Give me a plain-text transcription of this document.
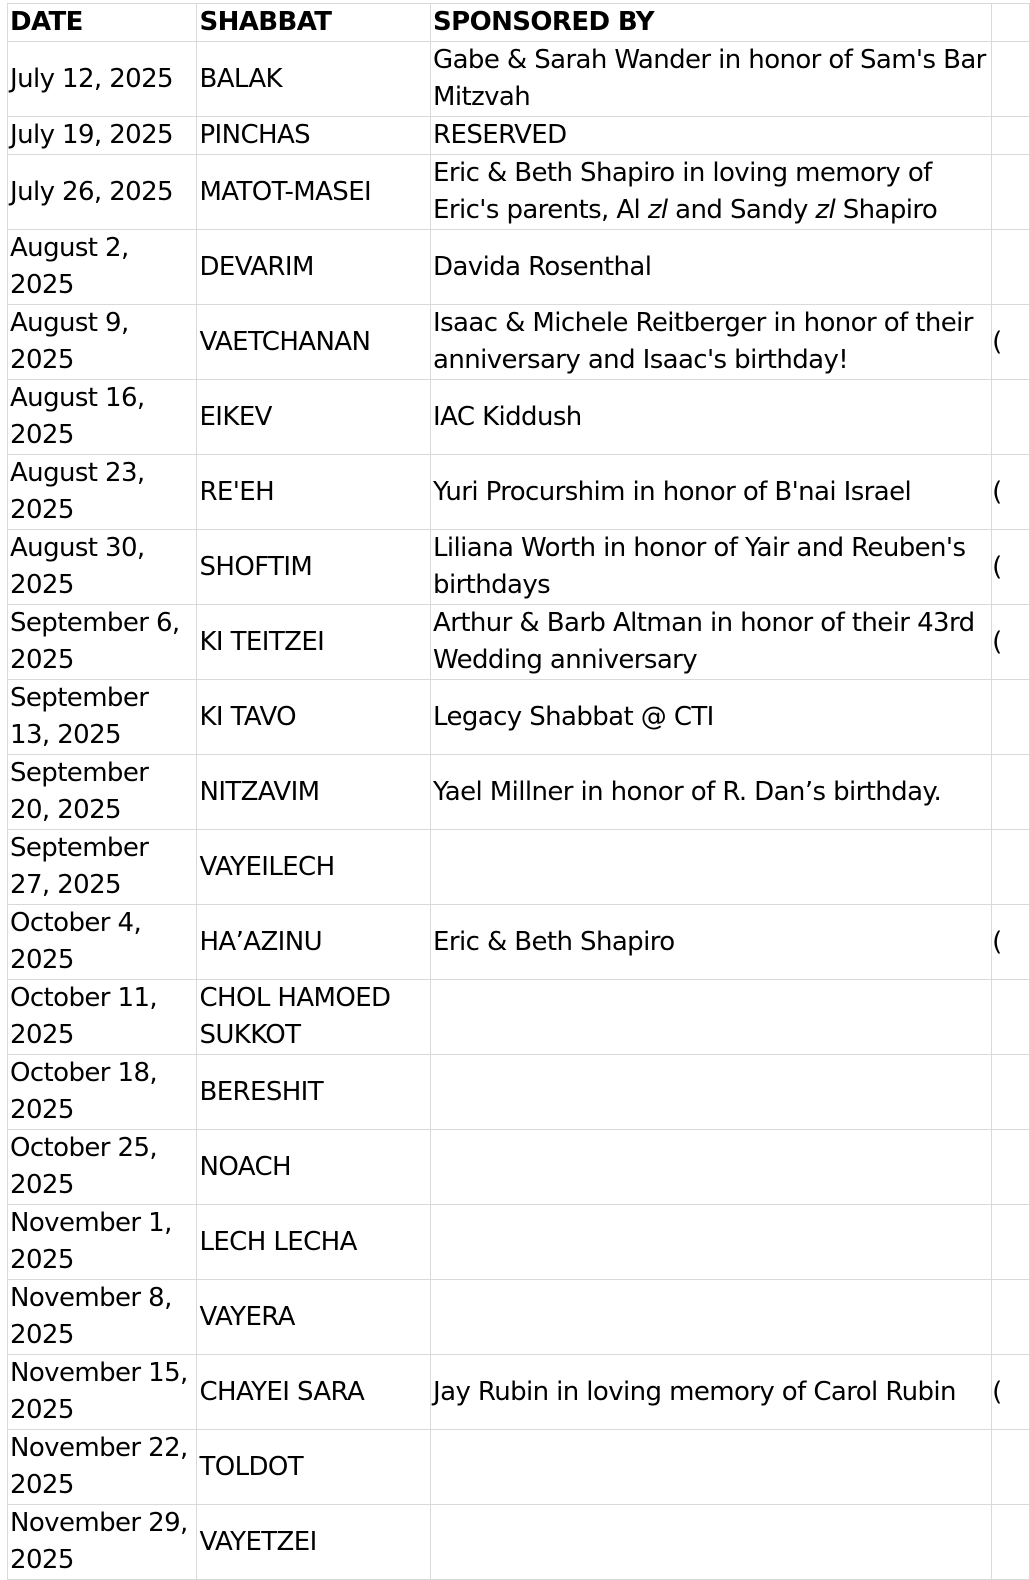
DATE	SHABBAT	SPONSORED BY	
July 12, 2025	BALAK	Gabe & Sarah Wander in honor of Sam's Bar Mitzvah	
July 19, 2025	PINCHAS	RESERVED	
July 26, 2025	MATOT-MASEI	Eric & Beth Shapiro in loving memory of Eric's parents, Al zl and Sandy zl Shapiro	
August 2, 2025	DEVARIM	Davida Rosenthal	
August 9, 2025	VAETCHANAN	Isaac & Michele Reitberger in honor of their anniversary and Isaac's birthday!	(
August 16, 2025	EIKEV	IAC Kiddush	
August 23, 2025	RE'EH	Yuri Procurshim in honor of B'nai Israel	(
August 30, 2025	SHOFTIM	Liliana Worth in honor of Yair and Reuben's birthdays	(
September 6, 2025	KI TEITZEI	Arthur & Barb Altman in honor of their 43rd Wedding anniversary	(
September 13, 2025	KI TAVO	Legacy Shabbat @ CTI	
September 20, 2025	NITZAVIM	Yael Millner in honor of R. Dan’s birthday.	
September 27, 2025	VAYEILECH		
October 4, 2025	HA’AZINU	Eric & Beth Shapiro	(
October 11, 2025	CHOL HAMOED SUKKOT		
October 18, 2025	BERESHIT		
October 25, 2025	NOACH		
November 1, 2025	LECH LECHA		
November 8, 2025	VAYERA		
November 15, 2025	CHAYEI SARA	Jay Rubin in loving memory of Carol Rubin	(
November 22, 2025	TOLDOT		
November 29, 2025	VAYETZEI		
